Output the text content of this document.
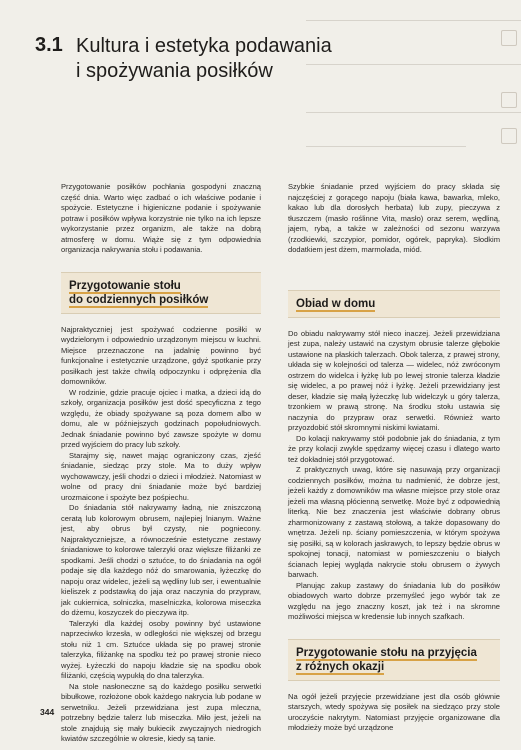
3.1 Kultura i estetyka podawania
i spożywania posiłków

Przygotowanie posiłków pochłania gospodyni znaczną część dnia. Warto więc zadbać o ich właściwe podanie i spożycie. Estetyczne i higieniczne podanie i spożywanie potraw i posiłków wpływa korzystnie nie tylko na ich lepsze wykorzystanie przez organizm, ale także na dobrą atmosferę w domu. Wiąże się z tym odpowiednia organizacja nakrywania stołu i podawania.

Przygotowanie stołu
do codziennych posiłków

Najpraktyczniej jest spożywać codzienne posiłki w wydzielonym i odpowiednio urządzonym miejscu w kuchni. Miejsce przeznaczone na jadalnię powinno być funkcjonalne i estetycznie urządzone, gdyż spotkanie przy posiłkach jest także chwilą odpoczynku i odprężenia dla domowników.

W rodzinie, gdzie pracuje ojciec i matka, a dzieci idą do szkoły, organizacja posiłków jest dość specyficzna z tego względu, że obiady spożywane są poza domem albo w domu, ale w późniejszych godzinach popołudniowych. Jednak śniadanie powinno być zawsze spożyte w domu przed wyjściem do pracy lub szkoły.

Starajmy się, nawet mając ograniczony czas, zjeść śniadanie, siedząc przy stole. Ma to duży wpływ wychowawczy, jeśli chodzi o dzieci i młodzież. Natomiast w wolne od pracy dni śniadanie może być bardziej urozmaicone i spożyte bez pośpiechu.

Do śniadania stół nakrywamy ładną, nie zniszczoną ceratą lub kolorowym obrusem, najlepiej lnianym. Ważne jest, aby obrus był czysty, nie pogniecony. Najpraktyczniejsze, a równocześnie estetyczne zestawy śniadaniowe to kolorowe talerzyki oraz większe filiżanki ze spodkami. Jeśli chodzi o sztućce, to do śniadania na ogół podaje się dla każdego nóż do smarowania, łyżeczkę do napoju oraz widelec, jeżeli są wędliny lub ser, i ewentualnie kieliszek z podstawką do jaja oraz naczynia do przypraw, jak cukiernica, solniczka, maselniczka, kolorowa miseczka do dżemu, koszyczek do pieczywa itp.

Talerzyki dla każdej osoby powinny być ustawione naprzeciwko krzesła, w odległości nie większej od brzegu stołu niż 1 cm. Sztućce układa się po prawej stronie talerzyka, filiżankę na spodku też po prawej stronie nieco wyżej. Łyżeczki do napoju kładzie się na spodku obok filiżanki, częścią wypukłą do dna talerzyka.

Na stole nasłoneczne są do każdego posiłku serwetki bibułkowe, rozłożone obok każdego nakrycia lub podane w serwetniku. Jeżeli przewidziana jest zupa mleczna, potrzebny będzie talerz lub miseczka. Miło jest, jeżeli na stole znajdują się mały bukiecik zwyczajnych niedrogich kwiatów szczególnie w okresie, kiedy są tanie.

Szybkie śniadanie przed wyjściem do pracy składa się najczęściej z gorącego napoju (biała kawa, bawarka, mleko, kakao lub dla dorosłych herbata) lub zupy, pieczywa z tłuszczem (masło roślinne Vita, masło) oraz serem, wędliną, jajem, rybą, a także w zależności od sezonu warzywa (rzodkiewki, szczypior, pomidor, ogórek, papryka). Słodkim dodatkiem jest dżem, marmolada, miód.

Obiad w domu

Do obiadu nakrywamy stół nieco inaczej. Jeżeli przewidziana jest zupa, należy ustawić na czystym obrusie talerze głębokie ustawione na płaskich talerzach. Obok talerza, z prawej strony, układa się w kolejności od talerza — widelec, nóż zwróconym ostrzem do widelca i łyżkę lub po lewej stronie talerza kładzie się widelec, a po prawej nóż i łyżkę. Jeżeli przewidziany jest deser, kładzie się małą łyżeczkę lub widelczyk u góry talerza, trzonkiem w prawą stronę. Na środku stołu ustawia się naczynia do przypraw oraz serwetki. Również warto przyozdobić stół skromnymi niskimi kwiatami.

Do kolacji nakrywamy stół podobnie jak do śniadania, z tym że przy kolacji zwykle spędzamy więcej czasu i dlatego warto też dokładniej stół przygotować.

Z praktycznych uwag, które się nasuwają przy organizacji codziennych posiłków, można tu nadmienić, że dobrze jest, jeżeli każdy z domowników ma własne miejsce przy stole oraz jeżeli ma własną płócienną serwetkę. Może być z odpowiednią literką. Nie bez znaczenia jest właściwie dobrany obrus zharmonizowany z zastawą stołową, a także dopasowany do wnętrza. Jeżeli np. ściany pomieszczenia, w którym spożywa się posiłki, są w kolorach jaskrawych, to lepszy będzie obrus w spokojnej tonacji, natomiast w pomieszczeniu o białych ścianach lepiej wygląda nakrycie stołu obrusem o żywych barwach.

Planując zakup zastawy do śniadania lub do posiłków obiadowych warto dobrze przemyśleć jego wybór tak ze względu na jego znaczny koszt, jak też i na skromne możliwości miejsca w kredensie lub innych szafkach.

Przygotowanie stołu na przyjęcia
z różnych okazji

Na ogół jeżeli przyjęcie przewidziane jest dla osób głównie starszych, wtedy spożywa się posiłek na siedząco przy stole uroczyście nakrytym. Natomiast przyjęcie organizowane dla młodzieży może być urządzone

344
